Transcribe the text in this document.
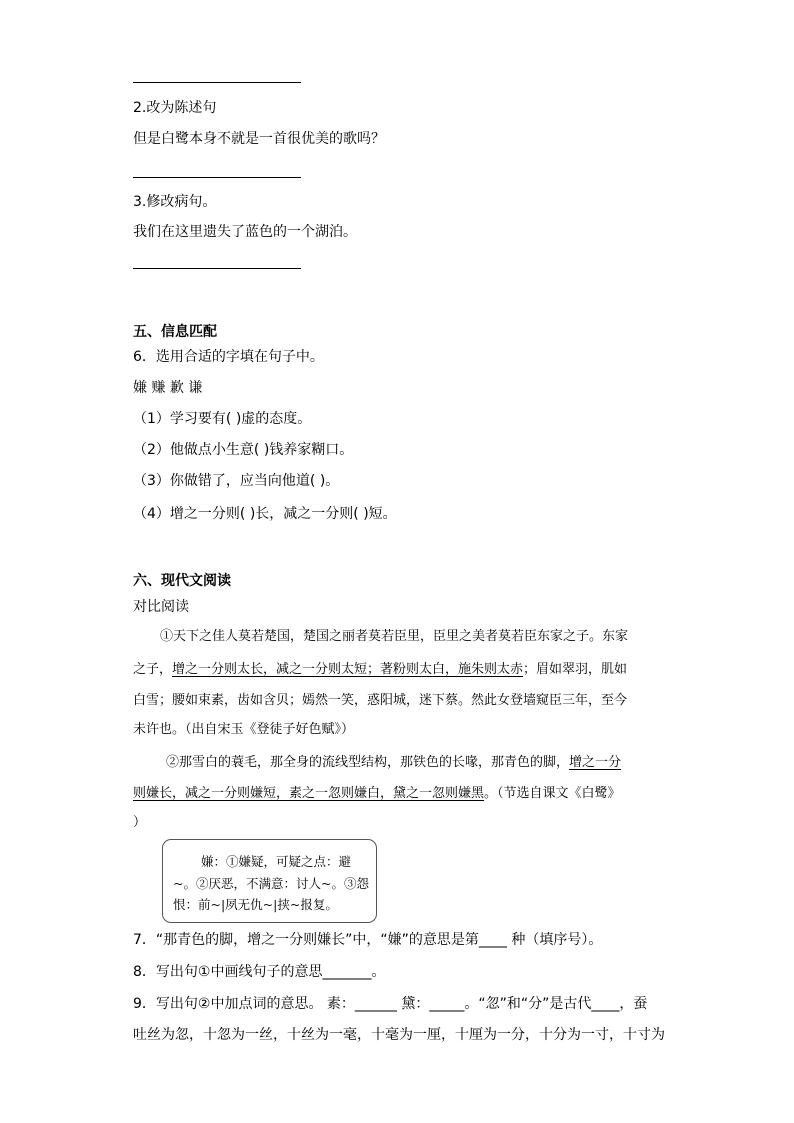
2.改为陈述句
但是白鹭本身不就是一首很优美的歌吗？
3.修改病句。
我们在这里遗失了蓝色的一个湖泊。
五、信息匹配
6．选用合适的字填在句子中。
嫌 赚 歉 谦
（1）学习要有( )虚的态度。
（2）他做点小生意( )钱养家糊口。
（3）你做错了，应当向他道( )。
（4）增之一分则( )长，减之一分则( )短。
六、现代文阅读
对比阅读
①天下之佳人莫若楚国，楚国之丽者莫若臣里，臣里之美者莫若臣东家之子。东家
之子，增之一分则太长，减之一分则太短；著粉则太白，施朱则太赤；眉如翠羽，肌如
白雪；腰如束素，齿如含贝；嫣然一笑，惑阳城，迷下蔡。然此女登墙窥臣三年，至今
未许也。（出自宋玉《登徒子好色赋》）
②那雪白的蓑毛，那全身的流线型结构，那铁色的长喙，那青色的脚，增之一分
则嫌长，减之一分则嫌短，素之一忽则嫌白，黛之一忽则嫌黑。（节选自课文《白鹭》
）
嫌：①嫌疑，可疑之点：避
~。②厌恶，不满意：讨人~。③怨
恨：前~|夙无仇~|挟~报复。
7．“那青色的脚，增之一分则嫌长”中，“嫌”的意思是第____ 种（填序号）。
8．写出句①中画线句子的意思_______。
9．写出句②中加点词的意思。 素：______ 黛：_____。“忽”和“分”是古代____，蚕
吐丝为忽，十忽为一丝，十丝为一毫，十毫为一厘，十厘为一分，十分为一寸，十寸为
